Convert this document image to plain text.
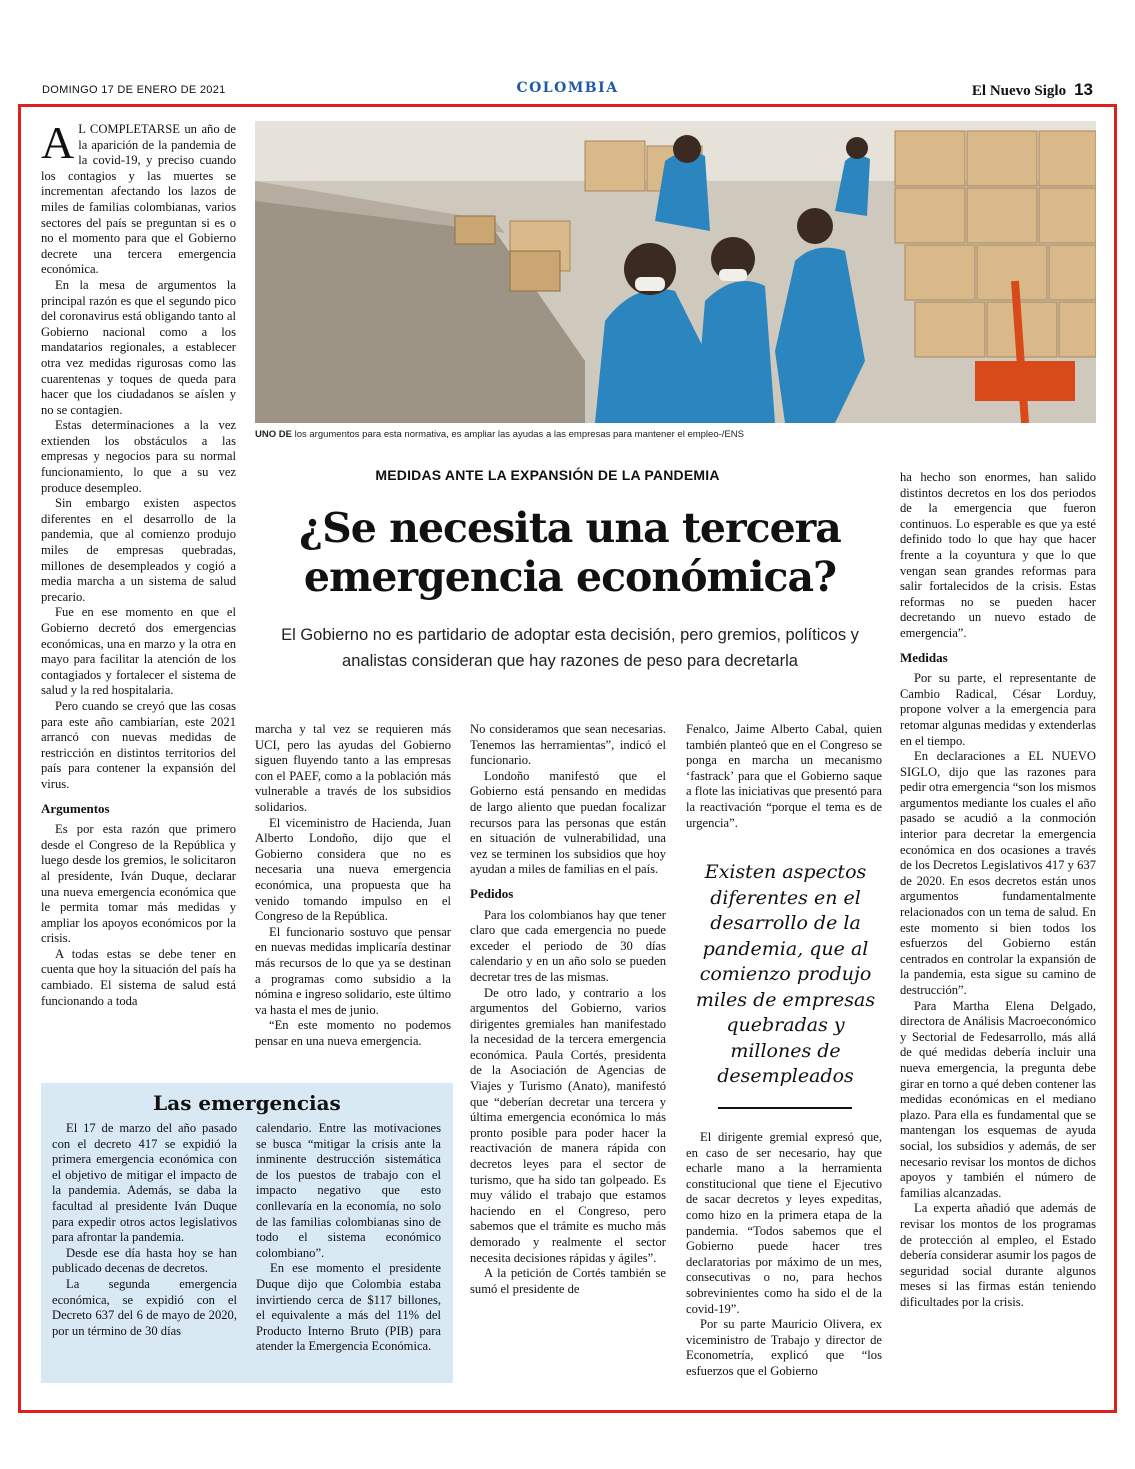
DOMINGO 17 DE ENERO DE 2021	COLOMBIA	El Nuevo Siglo 13
UNO DE los argumentos para esta normativa, es ampliar las ayudas a las empresas para mantener el empleo-/ENS
MEDIDAS ANTE LA EXPANSIÓN DE LA PANDEMIA
¿Se necesita una tercera emergencia económica?
El Gobierno no es partidario de adoptar esta decisión, pero gremios, políticos y analistas consideran que hay razones de peso para decretarla

A L COMPLETARSE un año de la aparición de la pandemia de la covid-19, y preciso cuando los contagios y las muertes se incrementan afectando los lazos de miles de familias colombianas, varios sectores del país se preguntan si es o no el momento para que el Gobierno decrete una tercera emergencia económica.

En la mesa de argumentos la principal razón es que el segundo pico del coronavirus está obligando tanto al Gobierno nacional como a los mandatarios regionales, a establecer otra vez medidas rigurosas como las cuarentenas y toques de queda para hacer que los ciudadanos se aíslen y no se contagien.

Estas determinaciones a la vez extienden los obstáculos a las empresas y negocios para su normal funcionamiento, lo que a su vez produce desempleo.

Sin embargo existen aspectos diferentes en el desarrollo de la pandemia, que al comienzo produjo miles de empresas quebradas, millones de desempleados y cogió a media marcha a un sistema de salud precario.

Fue en ese momento en que el Gobierno decretó dos emergencias económicas, una en marzo y la otra en mayo para facilitar la atención de los contagiados y fortalecer el sistema de salud y la red hospitalaria.

Pero cuando se creyó que las cosas para este año cambiarían, este 2021 arrancó con nuevas medidas de restricción en distintos territorios del país para contener la expansión del virus.

Argumentos

Es por esta razón que primero desde el Congreso de la República y luego desde los gremios, le solicitaron al presidente, Iván Duque, declarar una nueva emergencia económica que le permita tomar más medidas y ampliar los apoyos económicos por la crisis.

A todas estas se debe tener en cuenta que hoy la situación del país ha cambiado. El sistema de salud está funcionando a toda

marcha y tal vez se requieren más UCI, pero las ayudas del Gobierno siguen fluyendo tanto a las empresas con el PAEF, como a la población más vulnerable a través de los subsidios solidarios.

El viceministro de Hacienda, Juan Alberto Londoño, dijo que el Gobierno considera que no es necesaria una nueva emergencia económica, una propuesta que ha venido tomando impulso en el Congreso de la República.

El funcionario sostuvo que pensar en nuevas medidas implicaría destinar más recursos de lo que ya se destinan a programas como subsidio a la nómina e ingreso solidario, este último va hasta el mes de junio.

“En este momento no podemos pensar en una nueva emergencia.

No consideramos que sean necesarias. Tenemos las herramientas”, indicó el funcionario.

Londoño manifestó que el Gobierno está pensando en medidas de largo aliento que puedan focalizar recursos para las personas que están en situación de vulnerabilidad, una vez se terminen los subsidios que hoy ayudan a miles de familias en el país.

Pedidos

Para los colombianos hay que tener claro que cada emergencia no puede exceder el periodo de 30 días calendario y en un año solo se pueden decretar tres de las mismas.

De otro lado, y contrario a los argumentos del Gobierno, varios dirigentes gremiales han manifestado la necesidad de la tercera emergencia económica. Paula Cortés, presidenta de la Asociación de Agencias de Viajes y Turismo (Anato), manifestó que “deberían decretar una tercera y última emergencia económica lo más pronto posible para poder hacer la reactivación de manera rápida con decretos leyes para el sector de turismo, que ha sido tan golpeado. Es muy válido el trabajo que estamos haciendo en el Congreso, pero sabemos que el trámite es mucho más demorado y realmente el sector necesita decisiones rápidas y ágiles”.

A la petición de Cortés también se sumó el presidente de

Fenalco, Jaime Alberto Cabal, quien también planteó que en el Congreso se ponga en marcha un mecanismo ‘fastrack’ para que el Gobierno saque a flote las iniciativas que presentó para la reactivación “porque el tema es de urgencia”.

Existen aspectos diferentes en el desarrollo de la pandemia, que al comienzo produjo miles de empresas quebradas y millones de desempleados

El dirigente gremial expresó que, en caso de ser necesario, hay que echarle mano a la herramienta constitucional que tiene el Ejecutivo de sacar decretos y leyes expeditas, como hizo en la primera etapa de la pandemia. “Todos sabemos que el Gobierno puede hacer tres declaratorias por máximo de un mes, consecutivas o no, para hechos sobrevinientes como ha sido el de la covid-19”.

Por su parte Mauricio Olivera, ex viceministro de Trabajo y director de Econometría, explicó que “los esfuerzos que el Gobierno

ha hecho son enormes, han salido distintos decretos en los dos periodos de la emergencia que fueron continuos. Lo esperable es que ya esté definido todo lo que hay que hacer frente a la coyuntura y que lo que vengan sean grandes reformas para salir fortalecidos de la crisis. Estas reformas no se pueden hacer decretando un nuevo estado de emergencia”.

Medidas

Por su parte, el representante de Cambio Radical, César Lorduy, propone volver a la emergencia para retomar algunas medidas y extenderlas en el tiempo.

En declaraciones a EL NUEVO SIGLO, dijo que las razones para pedir otra emergencia “son los mismos argumentos mediante los cuales el año pasado se acudió a la conmoción interior para decretar la emergencia económica en dos ocasiones a través de los Decretos Legislativos 417 y 637 de 2020. En esos decretos están unos argumentos fundamentalmente relacionados con un tema de salud. En este momento si bien todos los esfuerzos del Gobierno están centrados en controlar la expansión de la pandemia, esta sigue su camino de destrucción”.

Para Martha Elena Delgado, directora de Análisis Macroeconómico y Sectorial de Fedesarrollo, más allá de qué medidas debería incluir una nueva emergencia, la pregunta debe girar en torno a qué deben contener las medidas económicas en el mediano plazo. Para ella es fundamental que se mantengan los esquemas de ayuda social, los subsidios y además, de ser necesario revisar los montos de dichos apoyos y también el número de familias alcanzadas.

La experta añadió que además de revisar los montos de los programas de protección al empleo, el Estado debería considerar asumir los pagos de seguridad social durante algunos meses si las firmas están teniendo dificultades por la crisis.

Las emergencias

El 17 de marzo del año pasado con el decreto 417 se expidió la primera emergencia económica con el objetivo de mitigar el impacto de la pandemia. Además, se daba la facultad al presidente Iván Duque para expedir otros actos legislativos para afrontar la pandemia.

Desde ese día hasta hoy se han publicado decenas de decretos.

La segunda emergencia económica, se expidió con el Decreto 637 del 6 de mayo de 2020, por un término de 30 días

calendario. Entre las motivaciones se busca “mitigar la crisis ante la inminente destrucción sistemática de los puestos de trabajo con el impacto negativo que esto conllevaría en la economía, no solo de las familias colombianas sino de todo el sistema económico colombiano”.

En ese momento el presidente Duque dijo que Colombia estaba invirtiendo cerca de $117 billones, el equivalente a más del 11% del Producto Interno Bruto (PIB) para atender la Emergencia Económica.
